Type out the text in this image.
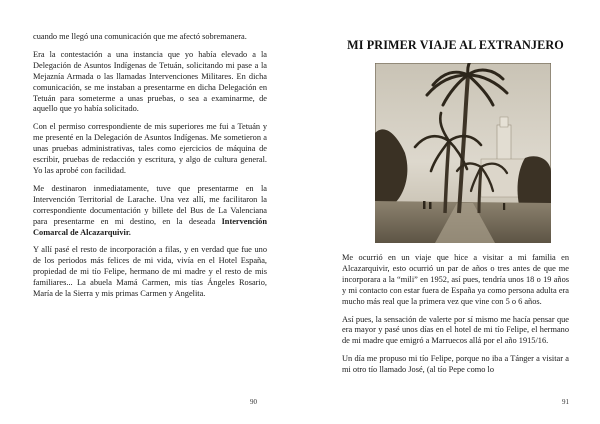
cuando me llegó una comunicación que me afectó sobremanera.

Era la contestación a una instancia que yo había elevado a la Delegación de Asuntos Indígenas de Tetuán, solicitando mi pase a la Mejaznía Armada o las llamadas Intervenciones Militares. En dicha comunicación, se me instaban a presentarme en dicha Delegación en Tetuán para someterme a unas pruebas, o sea a examinarme, de aquello que yo había solicitado.

Con el permiso correspondiente de mis superiores me fui a Tetuán y me presenté en la Delegación de Asuntos Indígenas. Me sometieron a unas pruebas administrativas, tales como ejercicios de máquina de escribir, pruebas de redacción y escritura, y algo de cultura general. Yo las aprobé con facilidad.

Me destinaron inmediatamente, tuve que presentarme en la Intervención Territorial de Larache. Una vez allí, me facilitaron la correspondiente documentación y billete del Bus de La Valenciana para presentarme en mi destino, en la deseada Intervención Comarcal de Alcazarquivir.

Y allí pasé el resto de incorporación a filas, y en verdad que fue uno de los periodos más felices de mi vida, vivía en el Hotel España, propiedad de mi tío Felipe, hermano de mi madre y el resto de mis familiares... La abuela Mamá Carmen, mis tías Ángeles Rosario, María de la Sierra y mis primas Carmen y Angelita.

90
MI PRIMER VIAJE AL EXTRANJERO

Me ocurrió en un viaje que hice a visitar a mi familia en Alcazarquivir, esto ocurrió un par de años o tres antes de que me incorporara a la “mili” en 1952, así pues, tendría unos 18 o 19 años y mi contacto con estar fuera de España ya como persona adulta era mucho más real que la primera vez que vine con 5 o 6 años.

Así pues, la sensación de valerte por sí mismo me hacía pensar que era mayor y pasé unos días en el hotel de mi tío Felipe, el hermano de mi madre que emigró a Marruecos allá por el año 1915/16.

Un día me propuso mi tío Felipe, porque no iba a Tánger a visitar a mi otro tío llamado José, (al tío Pepe como lo

91
